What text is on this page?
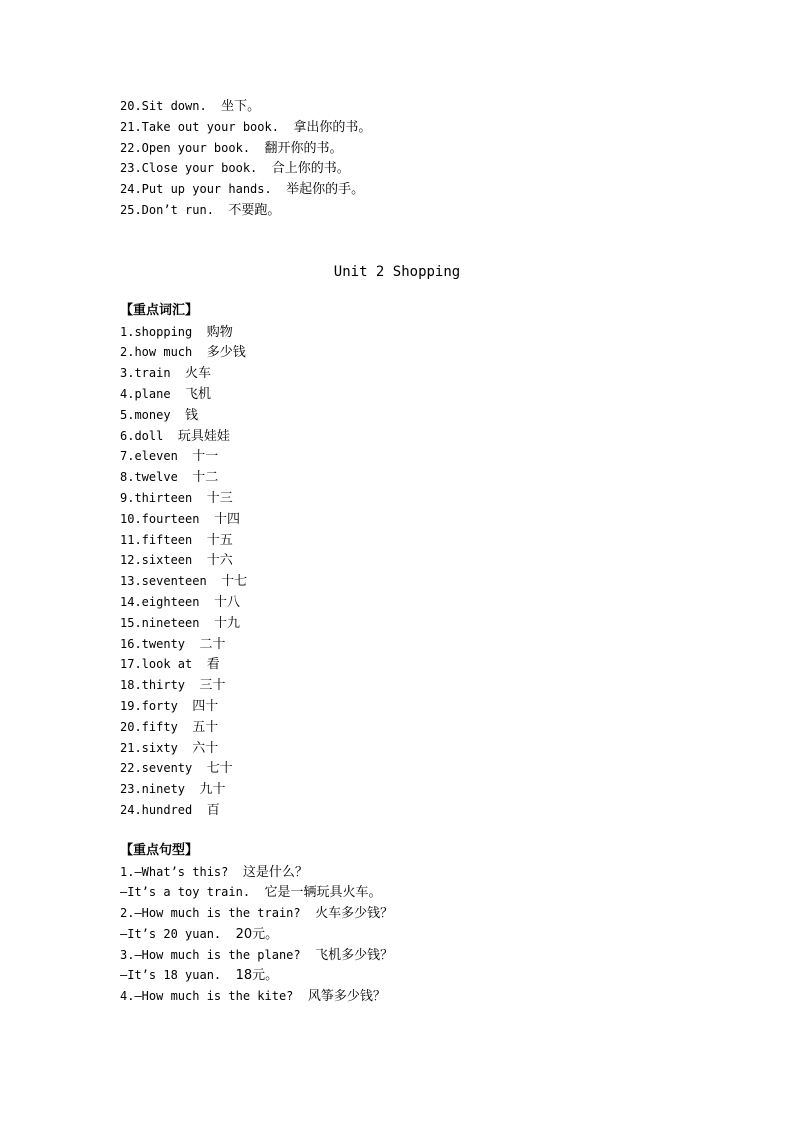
20.Sit down. 坐下。
21.Take out your book. 拿出你的书。
22.Open your book. 翻开你的书。
23.Close your book. 合上你的书。
24.Put up your hands. 举起你的手。
25.Don’t run. 不要跑。
Unit 2 Shopping
【重点词汇】
1.shopping 购物
2.how much 多少钱
3.train 火车
4.plane 飞机
5.money 钱
6.doll 玩具娃娃
7.eleven 十一
8.twelve 十二
9.thirteen 十三
10.fourteen 十四
11.fifteen 十五
12.sixteen 十六
13.seventeen 十七
14.eighteen 十八
15.nineteen 十九
16.twenty 二十
17.look at 看
18.thirty 三十
19.forty 四十
20.fifty 五十
21.sixty 六十
22.seventy 七十
23.ninety 九十
24.hundred 百
【重点句型】
1.—What’s this? 这是什么？
—It’s a toy train. 它是一辆玩具火车。
2.—How much is the train? 火车多少钱？
—It’s 20 yuan. 20元。
3.—How much is the plane? 飞机多少钱？
—It’s 18 yuan. 18元。
4.—How much is the kite? 风筝多少钱？
